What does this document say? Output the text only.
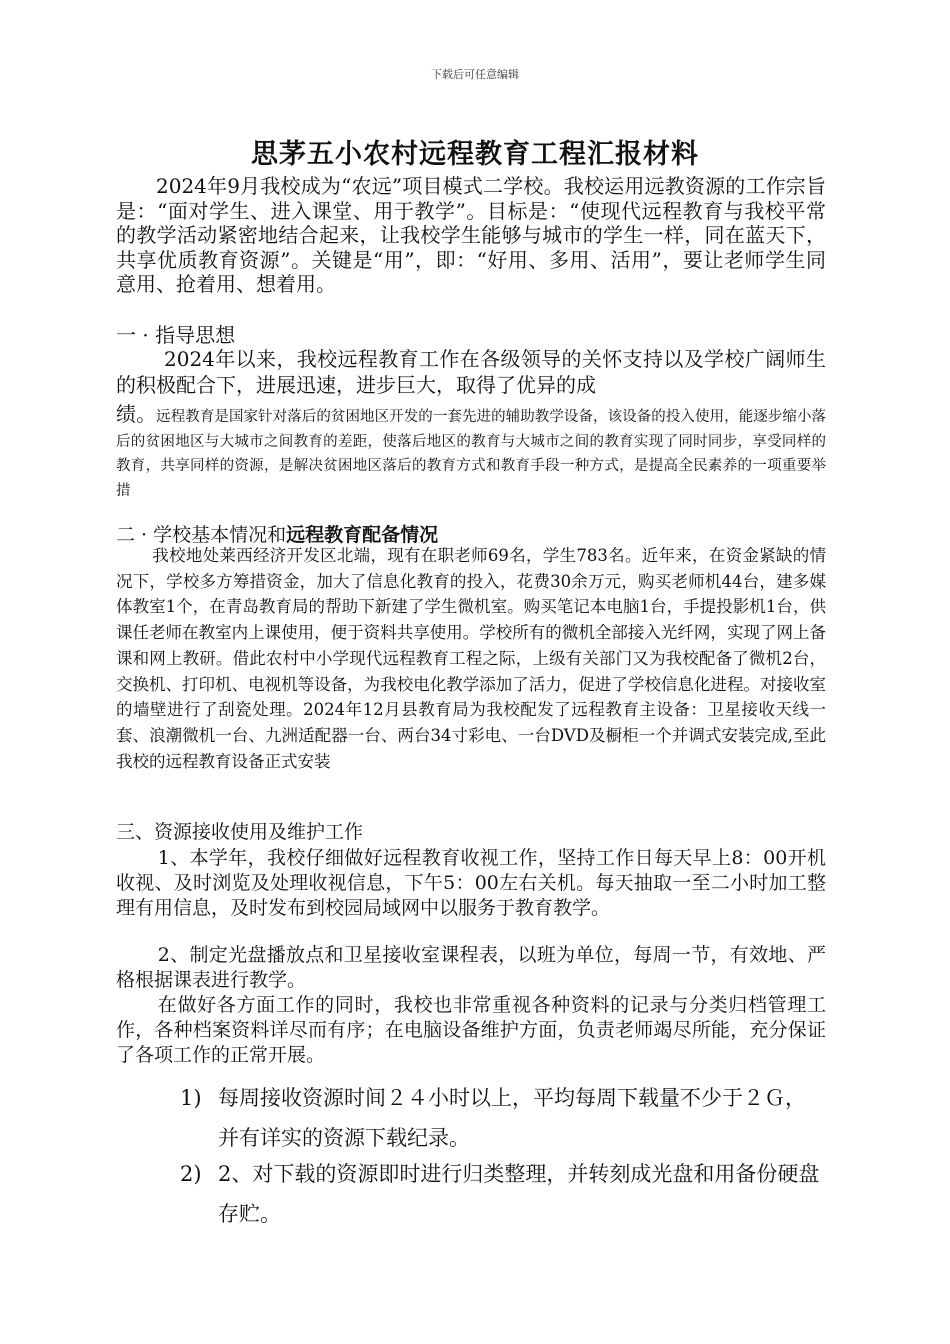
下载后可任意编辑
思茅五小农村远程教育工程汇报材料

2024年9月我校成为“农远”项目模式二学校。我校运用远教资源的工作宗旨是：“面对学生、进入课堂、用于教学”。目标是：“使现代远程教育与我校平常的教学活动紧密地结合起来，让我校学生能够与城市的学生一样，同在蓝天下，共享优质教育资源”。关键是“用”，即：“好用、多用、活用”，要让老师学生同意用、抢着用、想着用。

一 · 指导思想

2024年以来，我校远程教育工作在各级领导的关怀支持以及学校广阔师生的积极配合下，进展迅速，进步巨大，取得了优异的成

绩。远程教育是国家针对落后的贫困地区开发的一套先进的辅助教学设备，该设备的投入使用，能逐步缩小落后的贫困地区与大城市之间教育的差距，使落后地区的教育与大城市之间的教育实现了同时同步，享受同样的教育，共享同样的资源，是解决贫困地区落后的教育方式和教育手段一种方式，是提高全民素养的一项重要举措

二 · 学校基本情况和远程教育配备情况

我校地处莱西经济开发区北端，现有在职老师69名，学生783名。近年来，在资金紧缺的情况下，学校多方筹措资金，加大了信息化教育的投入，花费30余万元，购买老师机44台，建多媒体教室1个，在青岛教育局的帮助下新建了学生微机室。购买笔记本电脑1台，手提投影机1台，供课任老师在教室内上课使用，便于资料共享使用。学校所有的微机全部接入光纤网，实现了网上备课和网上教研。借此农村中小学现代远程教育工程之际，上级有关部门又为我校配备了微机2台，交换机、打印机、电视机等设备，为我校电化教学添加了活力，促进了学校信息化进程。对接收室的墙壁进行了刮瓷处理。2024年12月县教育局为我校配发了远程教育主设备：卫星接收天线一套、浪潮微机一台、九洲适配器一台、两台34寸彩电、一台DVD及橱柜一个并调式安装完成,至此我校的远程教育设备正式安装

三、资源接收使用及维护工作

1、本学年，我校仔细做好远程教育收视工作，坚持工作日每天早上8：00开机收视、及时浏览及处理收视信息，下午5：00左右关机。每天抽取一至二小时加工整理有用信息，及时发布到校园局域网中以服务于教育教学。

2、制定光盘播放点和卫星接收室课程表，以班为单位，每周一节，有效地、严格根据课表进行教学。

在做好各方面工作的同时，我校也非常重视各种资料的记录与分类归档管理工作，各种档案资料详尽而有序；在电脑设备维护方面，负责老师竭尽所能，充分保证了各项工作的正常开展。

1) 每周接收资源时间２４小时以上，平均每周下载量不少于２Ｇ，并有详实的资源下载纪录。
2) 2、对下载的资源即时进行归类整理，并转刻成光盘和用备份硬盘存贮。
